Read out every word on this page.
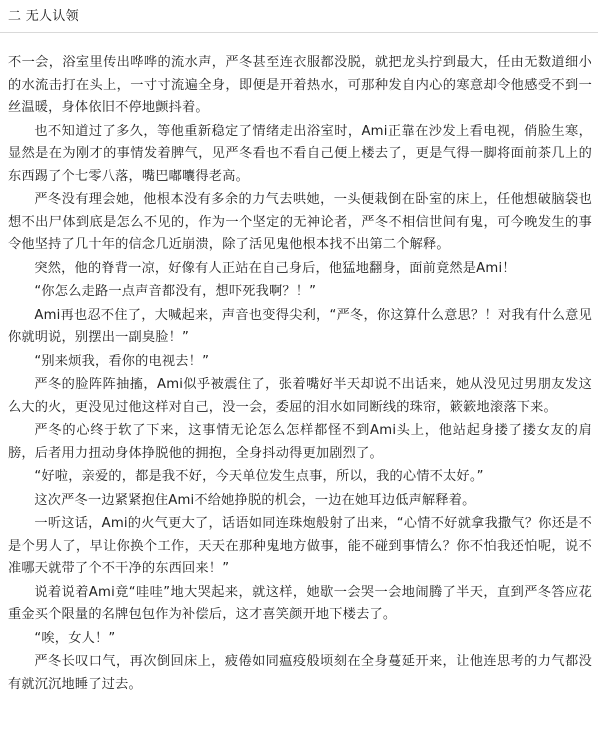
二 无人认领

不一会，浴室里传出哗哗的流水声，严冬甚至连衣服都没脱，就把龙头拧到最大，任由无数道细小的水流击打在头上，一寸寸流遍全身，即便是开着热水，可那种发自内心的寒意却令他感受不到一丝温暖，身体依旧不停地颤抖着。

也不知道过了多久，等他重新稳定了情绪走出浴室时，Ami正靠在沙发上看电视，俏脸生寒，显然是在为刚才的事情发着脾气，见严冬看也不看自己便上楼去了，更是气得一脚将面前茶几上的东西踢了个七零八落，嘴巴嘟囔得老高。

严冬没有理会她，他根本没有多余的力气去哄她，一头便栽倒在卧室的床上，任他想破脑袋也想不出尸体到底是怎么不见的，作为一个坚定的无神论者，严冬不相信世间有鬼，可今晚发生的事令他坚持了几十年的信念几近崩溃，除了活见鬼他根本找不出第二个解释。

突然，他的脊背一凉，好像有人正站在自己身后，他猛地翻身，面前竟然是Ami！

“你怎么走路一点声音都没有，想吓死我啊？！”

Ami再也忍不住了，大喊起来，声音也变得尖利，“严冬，你这算什么意思？！对我有什么意见你就明说，别摆出一副臭脸！”

“别来烦我，看你的电视去！”

严冬的脸阵阵抽搐，Ami似乎被震住了，张着嘴好半天却说不出话来，她从没见过男朋友发这么大的火，更没见过他这样对自己，没一会，委屈的泪水如同断线的珠帘，簌簌地滚落下来。

严冬的心终于软了下来，这事情无论怎么怎样都怪不到Ami头上，他站起身搂了搂女友的肩膀，后者用力扭动身体挣脱他的拥抱，全身抖动得更加剧烈了。

“好啦，亲爱的，都是我不好，今天单位发生点事，所以，我的心情不太好。”

这次严冬一边紧紧抱住Ami不给她挣脱的机会，一边在她耳边低声解释着。

一听这话，Ami的火气更大了，话语如同连珠炮般射了出来，“心情不好就拿我撒气？你还是不是个男人了，早让你换个工作，天天在那种鬼地方做事，能不碰到事情么？你不怕我还怕呢，说不准哪天就带了个不干净的东西回来！”

说着说着Ami竟“哇哇”地大哭起来，就这样，她歇一会哭一会地闹腾了半天，直到严冬答应花重金买个限量的名牌包包作为补偿后，这才喜笑颜开地下楼去了。

“唉，女人！”

严冬长叹口气，再次倒回床上，疲倦如同瘟疫般顷刻在全身蔓延开来，让他连思考的力气都没有就沉沉地睡了过去。
